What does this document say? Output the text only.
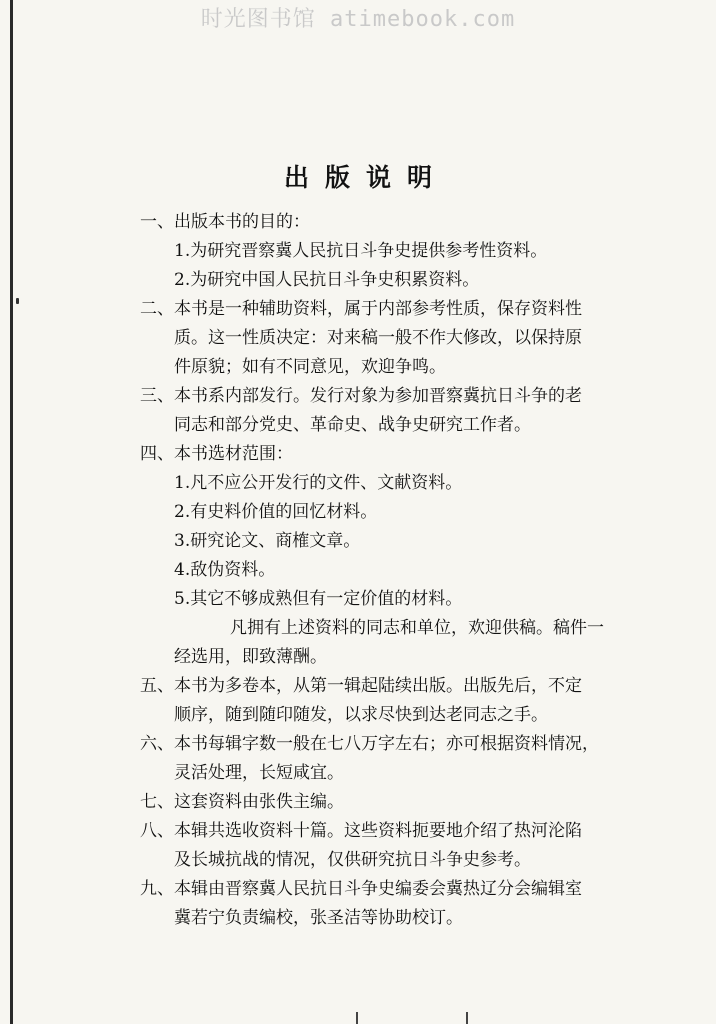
时光图书馆 atimebook.com
出版说明
一、出版本书的目的：
1.为研究晋察冀人民抗日斗争史提供参考性资料。
2.为研究中国人民抗日斗争史积累资料。
二、本书是一种辅助资料，属于内部参考性质，保存资料性
质。这一性质决定：对来稿一般不作大修改，以保持原
件原貌；如有不同意见，欢迎争鸣。
三、本书系内部发行。发行对象为参加晋察冀抗日斗争的老
同志和部分党史、革命史、战争史研究工作者。
四、本书选材范围：
1.凡不应公开发行的文件、文献资料。
2.有史料价值的回忆材料。
3.研究论文、商榷文章。
4.敌伪资料。
5.其它不够成熟但有一定价值的材料。
凡拥有上述资料的同志和单位，欢迎供稿。稿件一
经选用，即致薄酬。
五、本书为多卷本，从第一辑起陆续出版。出版先后，不定
顺序，随到随印随发，以求尽快到达老同志之手。
六、本书每辑字数一般在七八万字左右；亦可根据资料情况，
灵活处理，长短咸宜。
七、这套资料由张佚主编。
八、本辑共选收资料十篇。这些资料扼要地介绍了热河沦陷
及长城抗战的情况，仅供研究抗日斗争史参考。
九、本辑由晋察冀人民抗日斗争史编委会冀热辽分会编辑室
冀若宁负责编校，张圣洁等协助校订。
